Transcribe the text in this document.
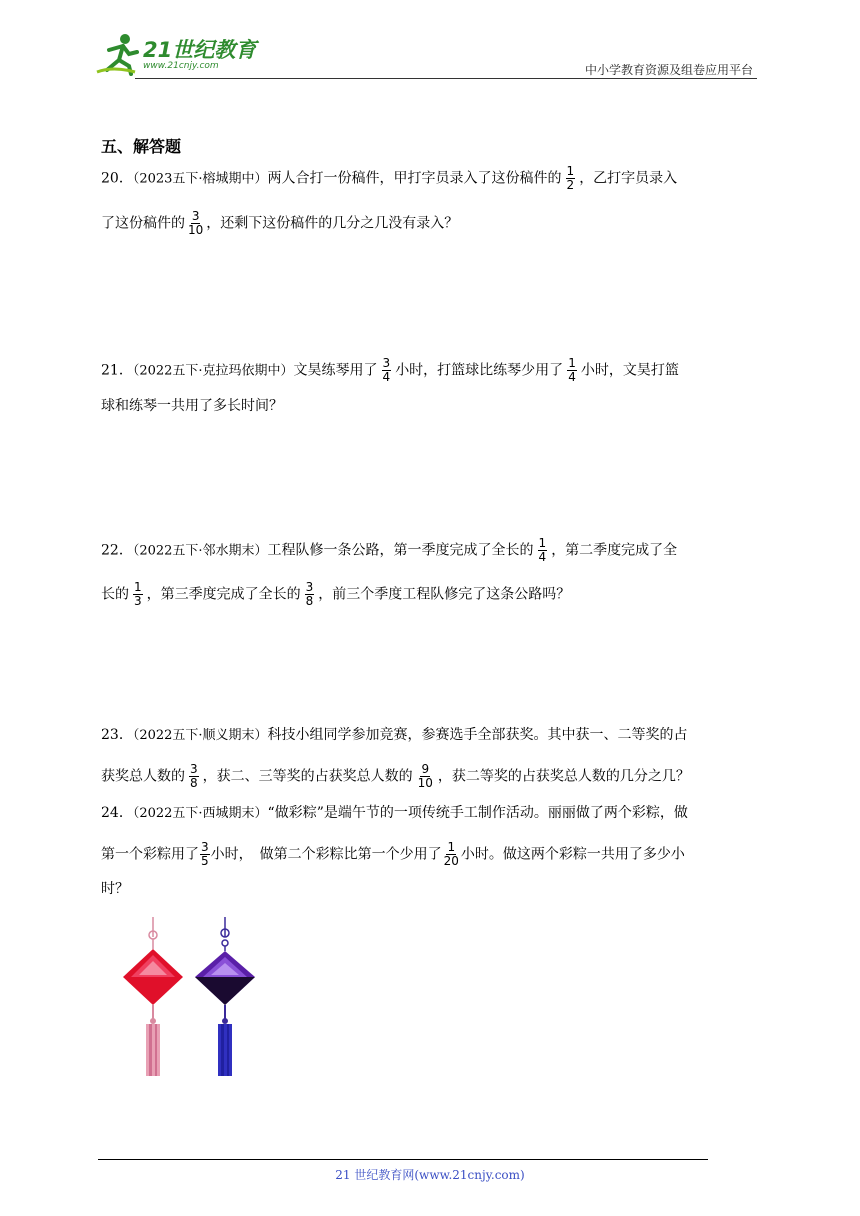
21世纪教育
www.21cnjy.com	中小学教育资源及组卷应用平台
五、解答题
20．（2023五下·榕城期中）两人合打一份稿件，甲打字员录入了这份稿件的 $\frac{1}{2}$ ，乙打字员录入
了这份稿件的 $\frac{3}{10}$ ，还剩下这份稿件的几分之几没有录入？
21．（2022五下·克拉玛依期中）文昊练琴用了 $\frac{3}{4}$ 小时，打篮球比练琴少用了 $\frac{1}{4}$ 小时，文昊打篮
球和练琴一共用了多长时间？
22．（2022五下·邻水期末）工程队修一条公路，第一季度完成了全长的 $\frac{1}{4}$ ，第二季度完成了全
长的 $\frac{1}{3}$ ，第三季度完成了全长的 $\frac{3}{8}$ ，前三个季度工程队修完了这条公路吗？
23．（2022五下·顺义期末）科技小组同学参加竞赛，参赛选手全部获奖。其中获一、二等奖的占
获奖总人数的 $\frac{3}{8}$ ，获二、三等奖的占获奖总人数的 $\frac{9}{10}$ ，获二等奖的占获奖总人数的几分之几？
24．（2022五下·西城期末）“做彩粽”是端午节的一项传统手工制作活动。丽丽做了两个彩粽，做
第一个彩粽用了 $\frac{3}{5}$ 小时，　做第二个彩粽比第一个少用了 $\frac{1}{20}$ 小时。做这两个彩粽一共用了多少小
时？
21 世纪教育网(www.21cnjy.com)
